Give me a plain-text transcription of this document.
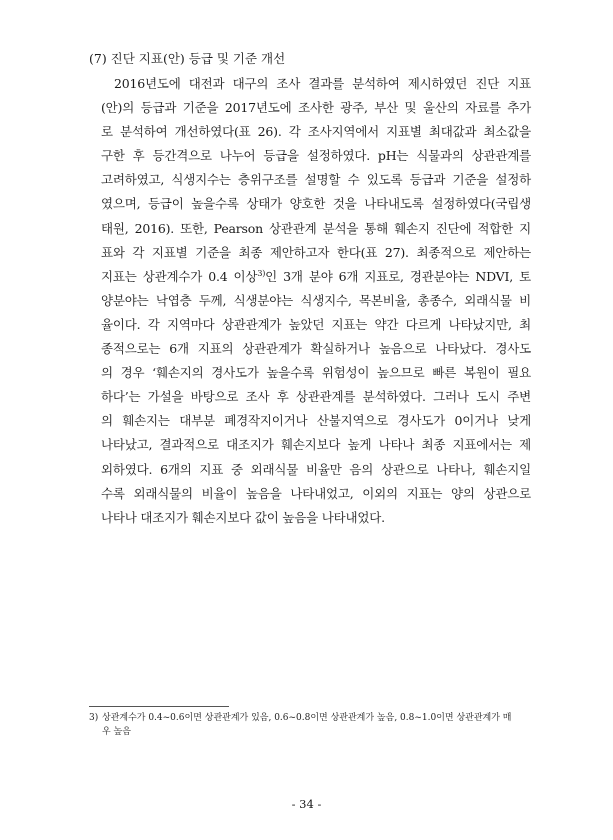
(7) 진단 지표(안) 등급 및 기준 개선
2016년도에 대전과 대구의 조사 결과를 분석하여 제시하였던 진단 지표
(안)의 등급과 기준을 2017년도에 조사한 광주, 부산 및 울산의 자료를 추가
로 분석하여 개선하였다(표 26). 각 조사지역에서 지표별 최대값과 최소값을
구한 후 등간격으로 나누어 등급을 설정하였다. pH는 식물과의 상관관계를
고려하였고, 식생지수는 층위구조를 설명할 수 있도록 등급과 기준을 설정하
였으며, 등급이 높을수록 상태가 양호한 것을 나타내도록 설정하였다(국립생
태원, 2016). 또한, Pearson 상관관계 분석을 통해 훼손지 진단에 적합한 지
표와 각 지표별 기준을 최종 제안하고자 한다(표 27). 최종적으로 제안하는
지표는 상관계수가 0.4 이상$^{3)}$인 3개 분야 6개 지표로, 경관분야는 NDVI, 토
양분야는 낙엽층 두께, 식생분야는 식생지수, 목본비율, 총종수, 외래식물 비
율이다. 각 지역마다 상관관계가 높았던 지표는 약간 다르게 나타났지만, 최
종적으로는 6개 지표의 상관관계가 확실하거나 높음으로 나타났다. 경사도
의 경우 ‘훼손지의 경사도가 높을수록 위험성이 높으므로 빠른 복원이 필요
하다’는 가설을 바탕으로 조사 후 상관관계를 분석하였다. 그러나 도시 주변
의 훼손지는 대부분 폐경작지이거나 산불지역으로 경사도가 0이거나 낮게
나타났고, 결과적으로 대조지가 훼손지보다 높게 나타나 최종 지표에서는 제
외하였다. 6개의 지표 중 외래식물 비율만 음의 상관으로 나타나, 훼손지일
수록 외래식물의 비율이 높음을 나타내었고, 이외의 지표는 양의 상관으로
나타나 대조지가 훼손지보다 값이 높음을 나타내었다.
3) 상관계수가 0.4~0.6이면 상관관계가 있음, 0.6~0.8이면 상관관계가 높음, 0.8~1.0이면 상관관계가 매
우 높음
- 34 -
